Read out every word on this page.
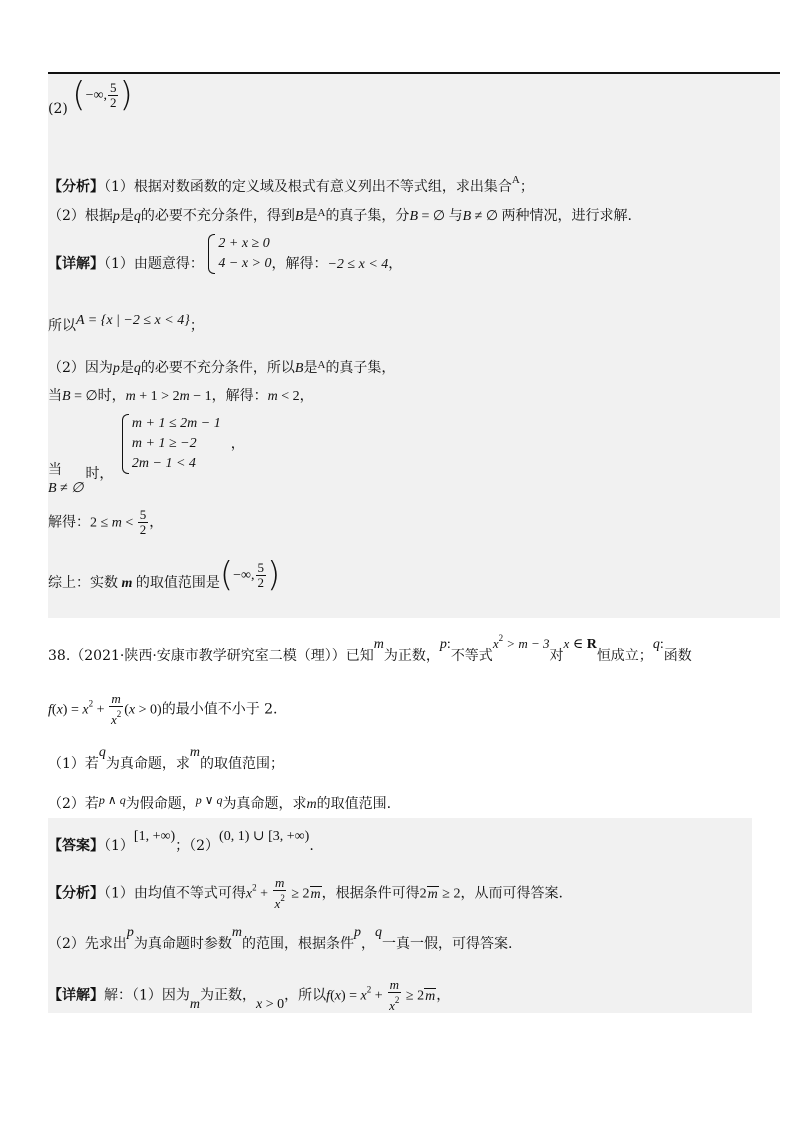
(2) (−∞, $\frac{5}{2}$ )
【分析】（1）根据对数函数的定义域及根式有意义列出不等式组，求出集合$^A$；
（2）根据p是q的必要不充分条件，得到B是$^A$的真子集，分B = ∅ 与B ≠ ∅ 两种情况，进行求解.
【详解】（1）由题意得：
2 + x ≥ 0
4 − x > 0 ，解得：−2 ≤ x < 4，
所以A = {x | −2 ≤ x < 4}；
（2）因为p是q的必要不充分条件，所以B是$^A$的真子集，
当B = ∅时，m + 1 > 2m − 1，解得：m < 2，
当B ≠ ∅时，
m + 1 ≤ 2m − 1
m + 1 ≥ −2
2m − 1 < 4
，
解得：$2 \le m < \frac{5}{2}$ ，
综上：实数 m 的取值范围是(−∞, $\frac{5}{2}$ )
38.（2021·陕西·安康市教学研究室二模（理））已知m为正数，p:不等式$x^2 > m - 3$对x ∈ R恒成立；q:函数
$f(x) = x^2 + \frac{m}{x^2} (x > 0)$的最小值不小于 2.
（1）若q为真命题，求m的取值范围；
（2）若p ∧ q为假命题，p ∨ q为真命题，求m的取值范围.
【答案】（1）[1, +∞)；（2）(0, 1) ∪ [3, +∞).
【分析】（1）由均值不等式可得$x^2 + \frac{m}{x^2} \ge 2m$，根据条件可得2m ≥ 2，从而可得答案.
（2）先求出p为真命题时参数m的范围，根据条件p，q一真一假，可得答案.
【详解】解：（1）因为m为正数，x > 0，所以$f(x) = x^2 + \frac{m}{x^2} \ge 2m$，
